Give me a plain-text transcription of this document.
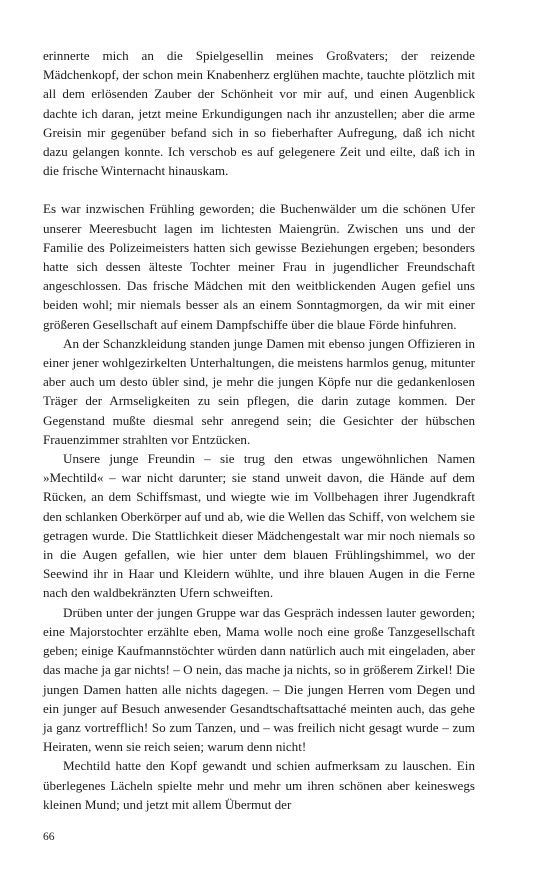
erinnerte mich an die Spielgesellin meines Großvaters; der reizende Mädchenkopf, der schon mein Knabenherz erglühen machte, tauchte plötzlich mit all dem erlösenden Zauber der Schönheit vor mir auf, und einen Augenblick dachte ich daran, jetzt meine Erkundigungen nach ihr anzustellen; aber die arme Greisin mir gegenüber befand sich in so fieberhafter Aufregung, daß ich nicht dazu gelangen konnte. Ich verschob es auf gelegenere Zeit und eilte, daß ich in die frische Winternacht hinauskam.

Es war inzwischen Frühling geworden; die Buchenwälder um die schönen Ufer unserer Meeresbucht lagen im lichtesten Maiengrün. Zwischen uns und der Familie des Polizeimeisters hatten sich gewisse Beziehungen ergeben; besonders hatte sich dessen älteste Tochter meiner Frau in jugendlicher Freundschaft angeschlossen. Das frische Mädchen mit den weitblickenden Augen gefiel uns beiden wohl; mir niemals besser als an einem Sonntagmorgen, da wir mit einer größeren Gesellschaft auf einem Dampfschiffe über die blaue Förde hinfuhren.

An der Schanzkleidung standen junge Damen mit ebenso jungen Offizieren in einer jener wohlgezirkelten Unterhaltungen, die meistens harmlos genug, mitunter aber auch um desto übler sind, je mehr die jungen Köpfe nur die gedankenlosen Träger der Armseligkeiten zu sein pflegen, die darin zutage kommen. Der Gegenstand mußte diesmal sehr anregend sein; die Gesichter der hübschen Frauenzimmer strahlten vor Entzücken.

Unsere junge Freundin – sie trug den etwas ungewöhnlichen Namen »Mechtild« – war nicht darunter; sie stand unweit davon, die Hände auf dem Rücken, an dem Schiffsmast, und wiegte wie im Vollbehagen ihrer Jugendkraft den schlanken Oberkörper auf und ab, wie die Wellen das Schiff, von welchem sie getragen wurde. Die Stattlichkeit dieser Mädchengestalt war mir noch niemals so in die Augen gefallen, wie hier unter dem blauen Frühlingshimmel, wo der Seewind ihr in Haar und Kleidern wühlte, und ihre blauen Augen in die Ferne nach den waldbekränzten Ufern schweiften.

Drüben unter der jungen Gruppe war das Gespräch indessen lauter geworden; eine Majorstochter erzählte eben, Mama wolle noch eine große Tanzgesellschaft geben; einige Kaufmannstöchter würden dann natürlich auch mit eingeladen, aber das mache ja gar nichts! – O nein, das mache ja nichts, so in größerem Zirkel! Die jungen Damen hatten alle nichts dagegen. – Die jungen Herren vom Degen und ein junger auf Besuch anwesender Gesandtschaftsattaché meinten auch, das gehe ja ganz vortrefflich! So zum Tanzen, und – was freilich nicht gesagt wurde – zum Heiraten, wenn sie reich seien; warum denn nicht!

Mechtild hatte den Kopf gewandt und schien aufmerksam zu lauschen. Ein überlegenes Lächeln spielte mehr und mehr um ihren schönen aber keineswegs kleinen Mund; und jetzt mit allem Übermut der

66
